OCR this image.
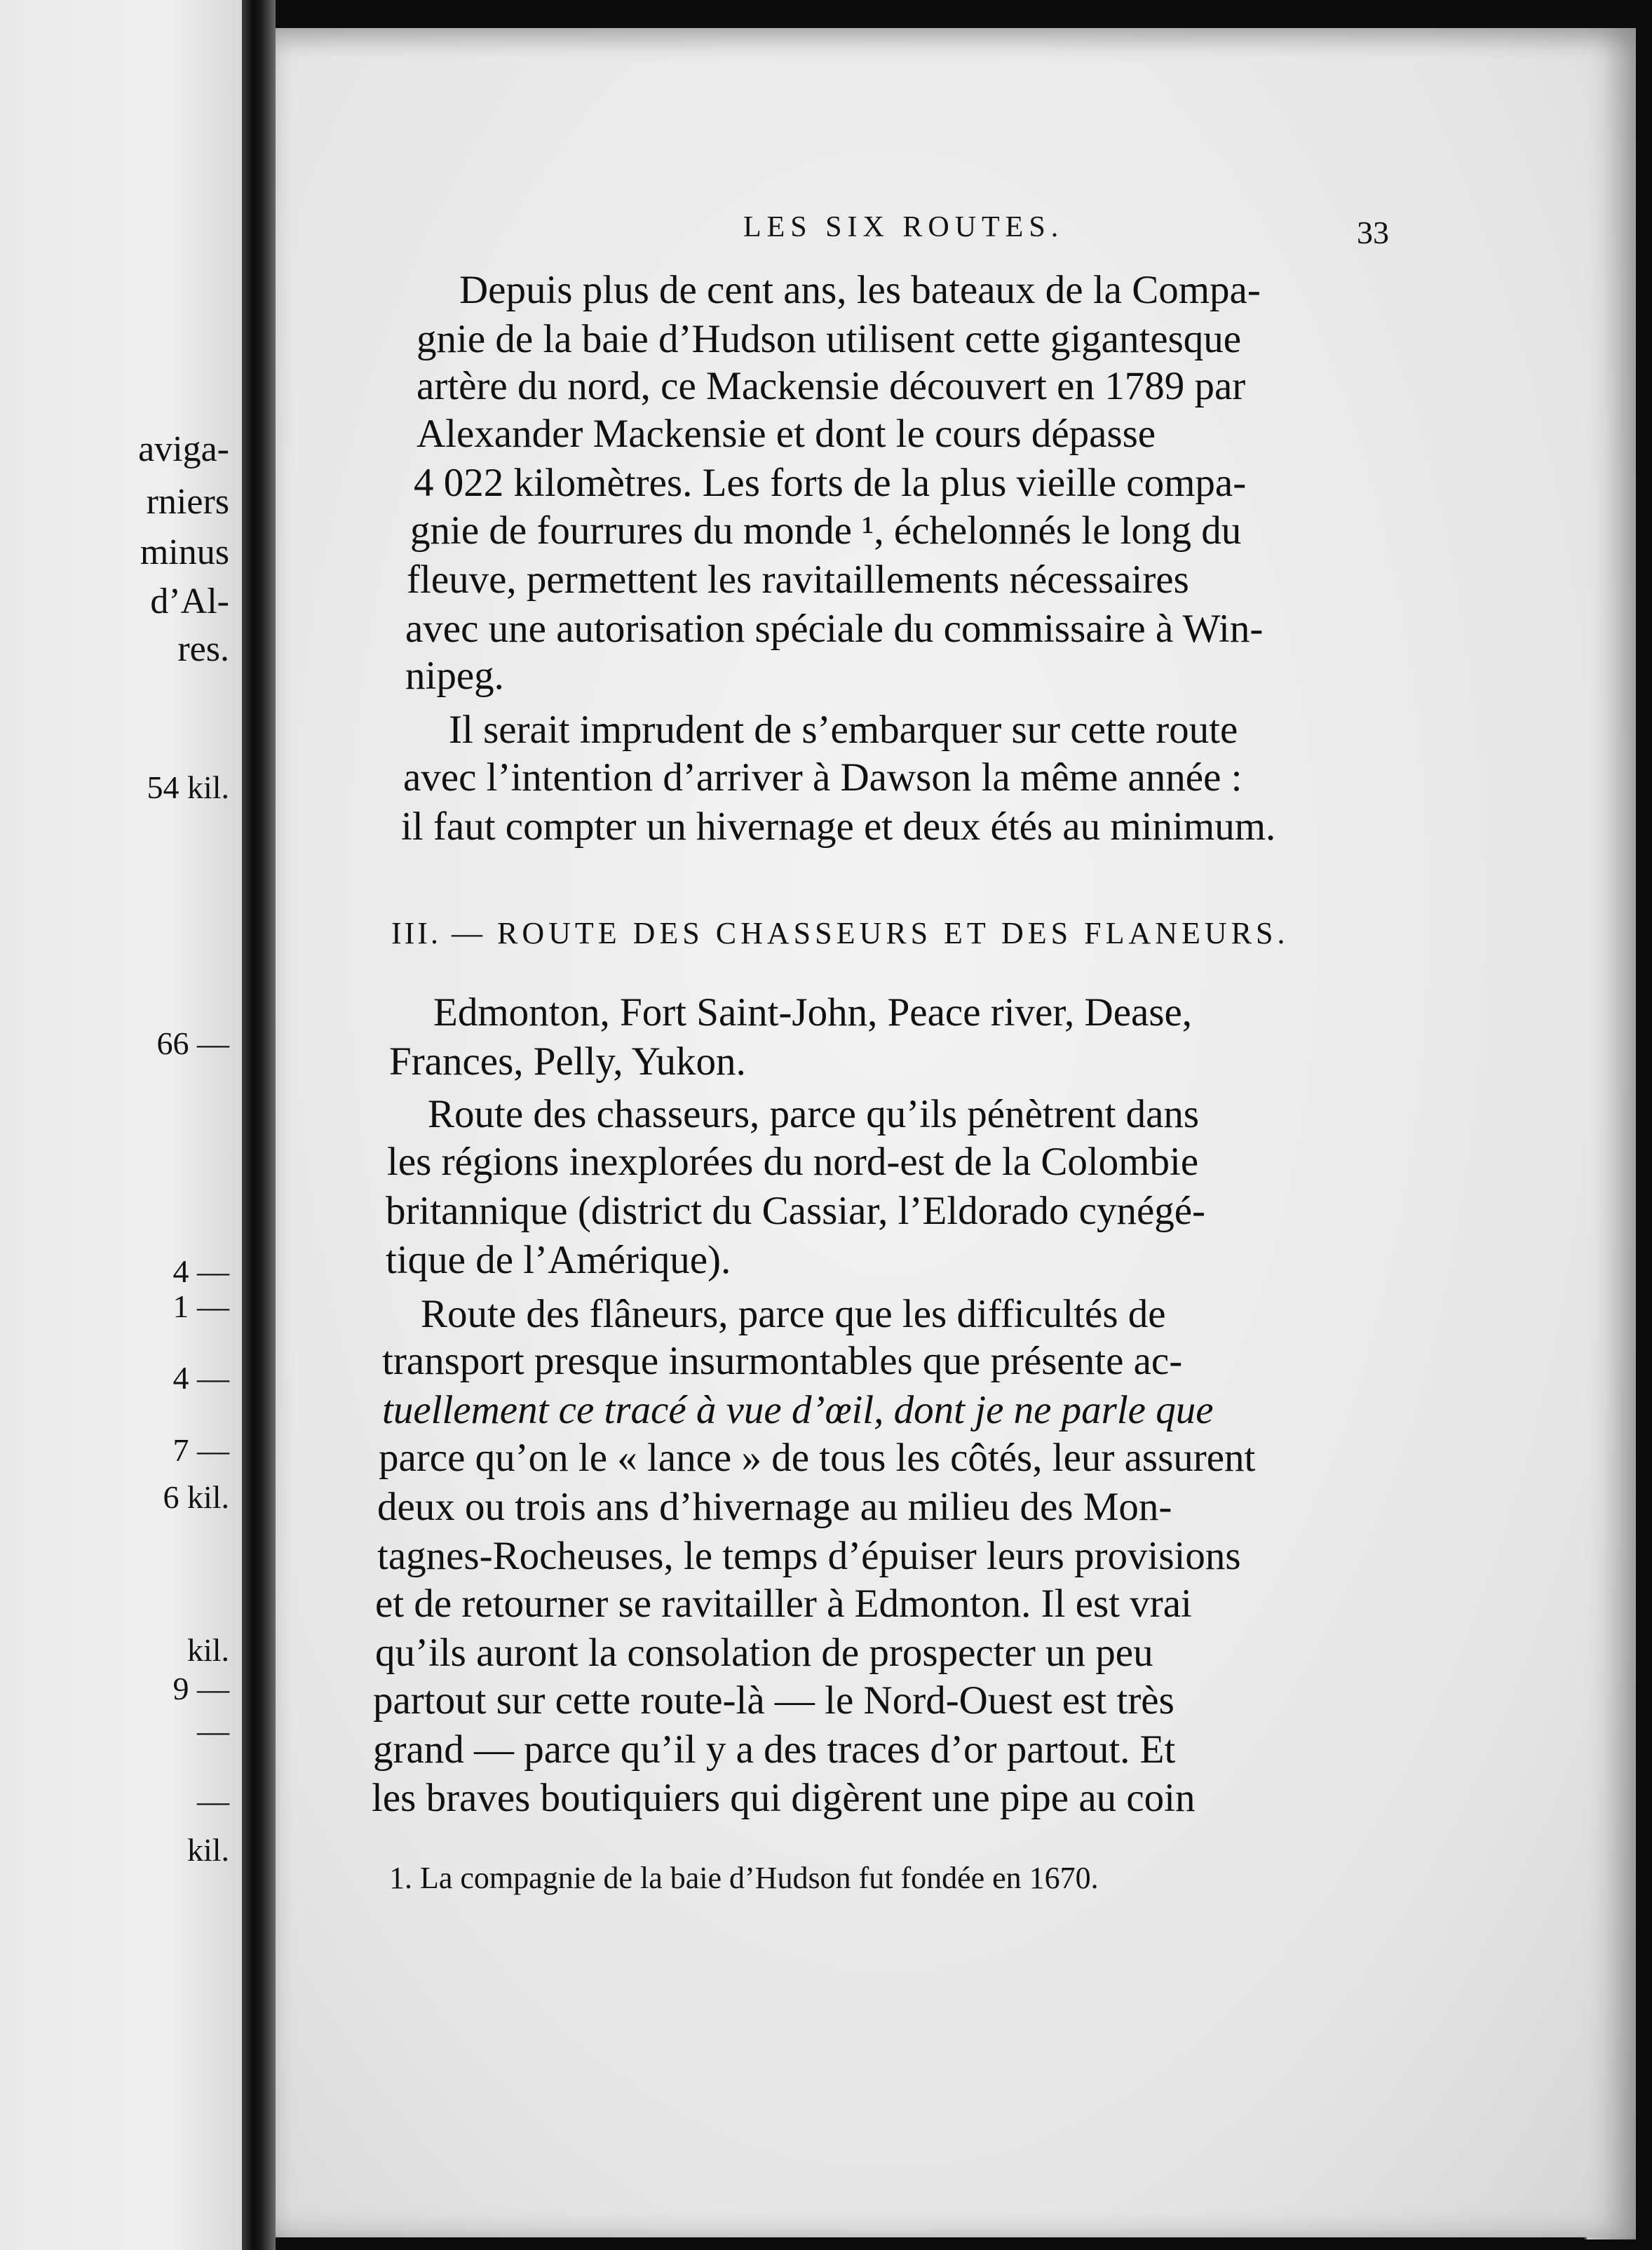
aviga-

rniers

minus

d’Al-

res.

54 kil.

66 —

4 —

1 —

4 —

7 —

6 kil.

kil.

9 —

—

—

kil.

LES SIX ROUTES.	33

Depuis plus de cent ans, les bateaux de la Compa-

gnie de la baie d’Hudson utilisent cette gigantesque

artère du nord, ce Mackensie découvert en 1789 par

Alexander Mackensie et dont le cours dépasse

4 022 kilomètres. Les forts de la plus vieille compa-

gnie de fourrures du monde ¹, échelonnés le long du

fleuve, permettent les ravitaillements nécessaires

avec une autorisation spéciale du commissaire à Win-

nipeg.

Il serait imprudent de s’embarquer sur cette route

avec l’intention d’arriver à Dawson la même année :

il faut compter un hivernage et deux étés au minimum.

III. — ROUTE DES CHASSEURS ET DES FLANEURS.

Edmonton, Fort Saint-John, Peace river, Dease,

Frances, Pelly, Yukon.

Route des chasseurs, parce qu’ils pénètrent dans

les régions inexplorées du nord-est de la Colombie

britannique (district du Cassiar, l’Eldorado cynégé-

tique de l’Amérique).

Route des flâneurs, parce que les difficultés de

transport presque insurmontables que présente ac-

tuellement ce tracé à vue d’œil, dont je ne parle que

parce qu’on le « lance » de tous les côtés, leur assurent

deux ou trois ans d’hivernage au milieu des Mon-

tagnes-Rocheuses, le temps d’épuiser leurs provisions

et de retourner se ravitailler à Edmonton. Il est vrai

qu’ils auront la consolation de prospecter un peu

partout sur cette route-là — le Nord-Ouest est très

grand — parce qu’il y a des traces d’or partout. Et

les braves boutiquiers qui digèrent une pipe au coin

1. La compagnie de la baie d’Hudson fut fondée en 1670.
